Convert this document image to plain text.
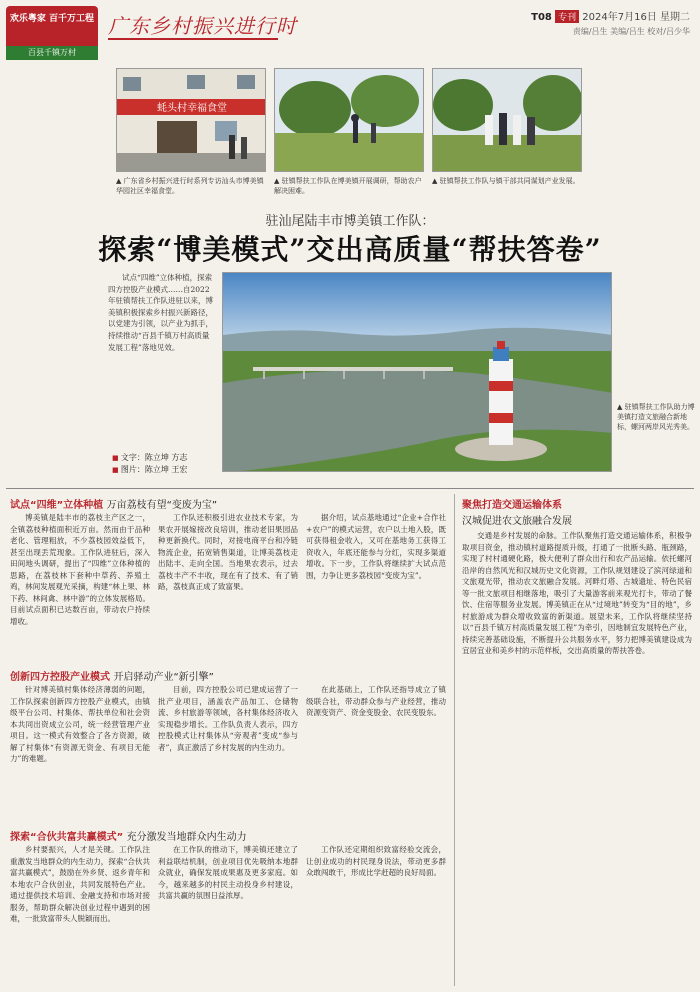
欢乐粤家 百千万工程
百县千镇万村
广东乡村振兴进行时	T08 专刊 2024年7月16日 星期二
责编/吕生 美编/吕生 校对/吕少华
蚝头村幸福食堂
▲ 广东省乡村振兴进行时系列专访汕头市博美镇华园社区幸福食堂。
▲ 驻镇帮扶工作队在博美镇开展调研，帮助农户解决困难。
▲ 驻镇帮扶工作队与镇干部共同谋划产业发展。
驻汕尾陆丰市博美镇工作队：
探索“博美模式”交出高质量“帮扶答卷”
试点“四维”立体种植，探索四方控股产业模式……自2022年驻镇帮扶工作队进驻以来，博美镇积极探索乡村振兴新路径，以党建为引领，以产业为抓手，持续推动“百县千镇万村高质量发展工程”落地见效。
■ 文字：陈立坤 方志
■ 图片：陈立坤 王宏
▲ 驻镇帮扶工作队助力博美镇打造文旅融合新地标，螺河两岸风光秀美。
试点“四维”立体种植 万亩荔枝有望“变废为宝”
博美镇是陆丰市的荔枝主产区之一，全镇荔枝种植面积近万亩。然而由于品种老化、管理粗放，不少荔枝园效益低下，甚至出现丢荒现象。工作队进驻后，深入田间地头调研，提出了“四维”立体种植的思路，在荔枝林下套种中草药、养殖土鸡，林间发展观光采摘，构建“林上果、林下药、林间禽、林中游”的立体发展格局。目前试点面积已达数百亩，带动农户持续增收。
工作队还积极引进农业技术专家，为果农开展嫁接改良培训，推动老旧果园品种更新换代。同时，对接电商平台和冷链物流企业，拓宽销售渠道，让博美荔枝走出陆丰、走向全国。当地果农表示，过去荔枝丰产不丰收，现在有了技术、有了销路，荔枝真正成了致富果。
据介绍，试点基地通过“企业+合作社+农户”的模式运营，农户以土地入股，既可获得租金收入，又可在基地务工获得工资收入，年底还能参与分红，实现多渠道增收。下一步，工作队将继续扩大试点范围，力争让更多荔枝园“变废为宝”。
创新四方控股产业模式 开启驿动产业“新引擎”
针对博美镇村集体经济薄弱的问题，工作队探索创新四方控股产业模式，由镇级平台公司、村集体、帮扶单位和社会资本共同出资成立公司，统一经营管理产业项目。这一模式有效整合了各方资源，破解了村集体“有资源无资金、有项目无能力”的难题。
目前，四方控股公司已建成运营了一批产业项目，涵盖农产品加工、仓储物流、乡村旅游等领域，各村集体经济收入实现稳步增长。工作队负责人表示，四方控股模式让村集体从“旁观者”变成“参与者”，真正激活了乡村发展的内生动力。
在此基础上，工作队还指导成立了镇级联合社，带动群众参与产业经营，推动资源变资产、资金变股金、农民变股东。
探索“合伙共富共赢模式” 充分激发当地群众内生动力
乡村要振兴，人才是关键。工作队注重激发当地群众的内生动力，探索“合伙共富共赢模式”，鼓励在外乡贤、返乡青年和本地农户合伙创业，共同发展特色产业。通过提供技术培训、金融支持和市场对接服务，帮助群众解决创业过程中遇到的困难，一批致富带头人脱颖而出。
在工作队的推动下，博美镇还建立了利益联结机制，创业项目优先吸纳本地群众就业，确保发展成果惠及更多家庭。如今，越来越多的村民主动投身乡村建设，共富共赢的氛围日益浓厚。
工作队还定期组织致富经验交流会，让创业成功的村民现身说法，带动更多群众敢闯敢干，形成比学赶超的良好局面。
聚焦打造交通运输体系
汉城促进农文旅融合发展
交通是乡村发展的命脉。工作队聚焦打造交通运输体系，积极争取项目资金，推动镇村道路提质升级，打通了一批断头路、瓶颈路，实现了村村通硬化路，极大便利了群众出行和农产品运输。依托螺河沿岸的自然风光和汉城历史文化资源，工作队规划建设了滨河绿道和文旅观光带，推动农文旅融合发展。河畔灯塔、古城遗址、特色民宿等一批文旅项目相继落地，吸引了大量游客前来观光打卡，带动了餐饮、住宿等服务业发展。博美镇正在从“过境地”转变为“目的地”，乡村旅游成为群众增收致富的新渠道。展望未来，工作队将继续坚持以“百县千镇万村高质量发展工程”为牵引，因地制宜发展特色产业，持续完善基础设施，不断提升公共服务水平，努力把博美镇建设成为宜居宜业和美乡村的示范样板，交出高质量的帮扶答卷。
